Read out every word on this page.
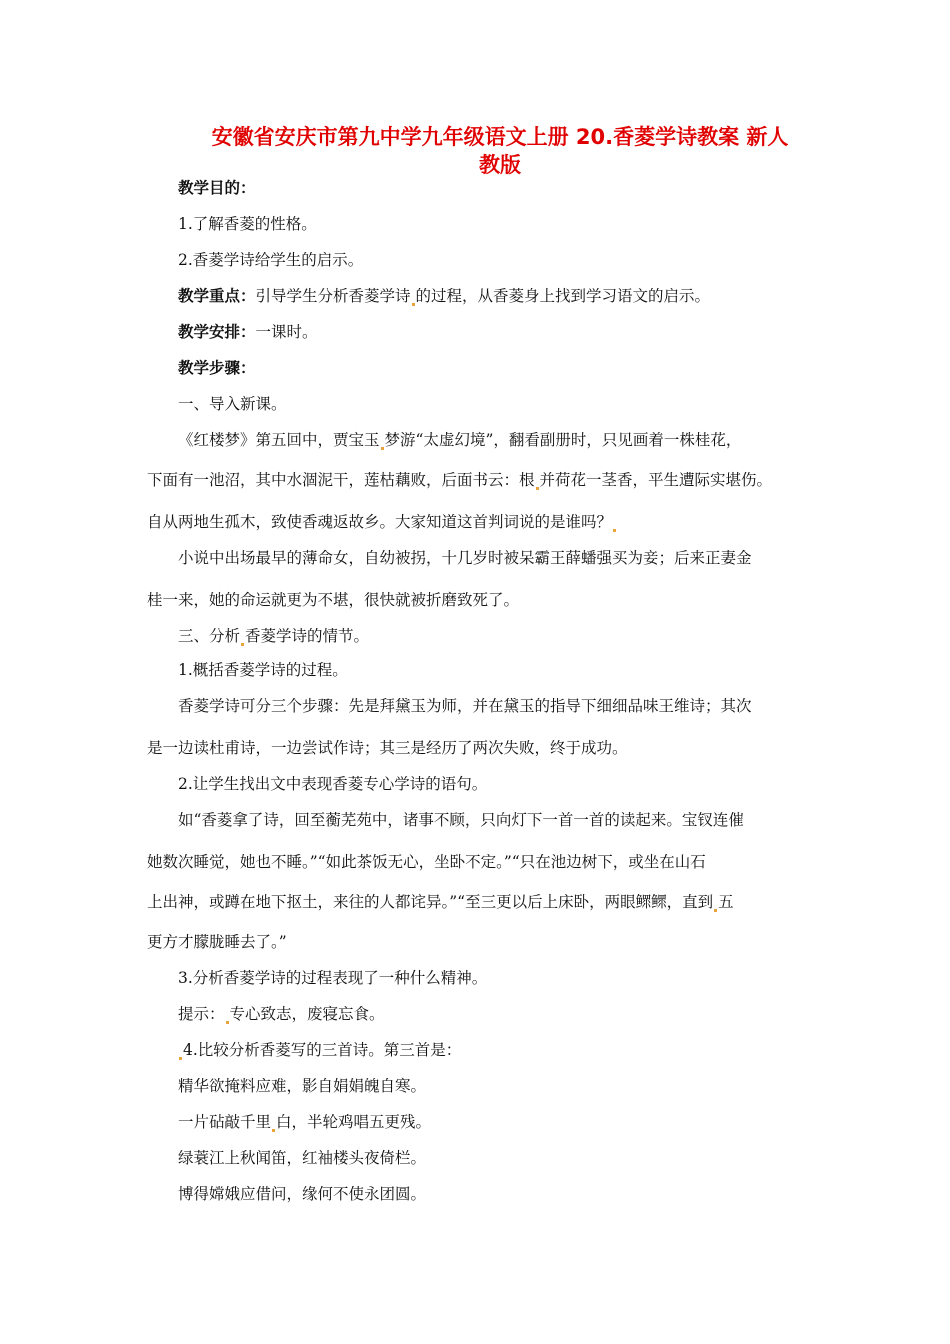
安徽省安庆市第九中学九年级语文上册 20.香菱学诗教案 新人
教版

教学目的：

1.了解香菱的性格。

2.香菱学诗给学生的启示。

教学重点：引导学生分析香菱学诗 的过程，从香菱身上找到学习语文的启示。

教学安排：一课时。

教学步骤：

一、导入新课。

《红楼梦》第五回中，贾宝玉 梦游“太虚幻境”，翻看副册时，只见画着一株桂花，

下面有一池沼，其中水涸泥干，莲枯藕败，后面书云：根 并荷花一茎香，平生遭际实堪伤。

自从两地生孤木，致使香魂返故乡。大家知道这首判词说的是谁吗？

小说中出场最早的薄命女，自幼被拐，十几岁时被呆霸王薛蟠强买为妾；后来正妻金

桂一来，她的命运就更为不堪，很快就被折磨致死了。

三、分析 香菱学诗的情节。

1.概括香菱学诗的过程。

香菱学诗可分三个步骤：先是拜黛玉为师，并在黛玉的指导下细细品味王维诗；其次

是一边读杜甫诗，一边尝试作诗；其三是经历了两次失败，终于成功。

2.让学生找出文中表现香菱专心学诗的语句。

如“香菱拿了诗，回至蘅芜苑中，诸事不顾，只向灯下一首一首的读起来。宝钗连催

她数次睡觉，她也不睡。”“如此茶饭无心，坐卧不定。”“只在池边树下，或坐在山石

上出神，或蹲在地下抠土，来往的人都诧异。”“至三更以后上床卧，两眼鳏鳏，直到 五

更方才朦胧睡去了。”

3.分析香菱学诗的过程表现了一种什么精神。

提示： 专心致志，废寝忘食。

4.比较分析香菱写的三首诗。第三首是：

精华欲掩料应难，影自娟娟魄自寒。

一片砧敲千里 白，半轮鸡唱五更残。

绿蓑江上秋闻笛，红袖楼头夜倚栏。

博得嫦娥应借问，缘何不使永团圆。
